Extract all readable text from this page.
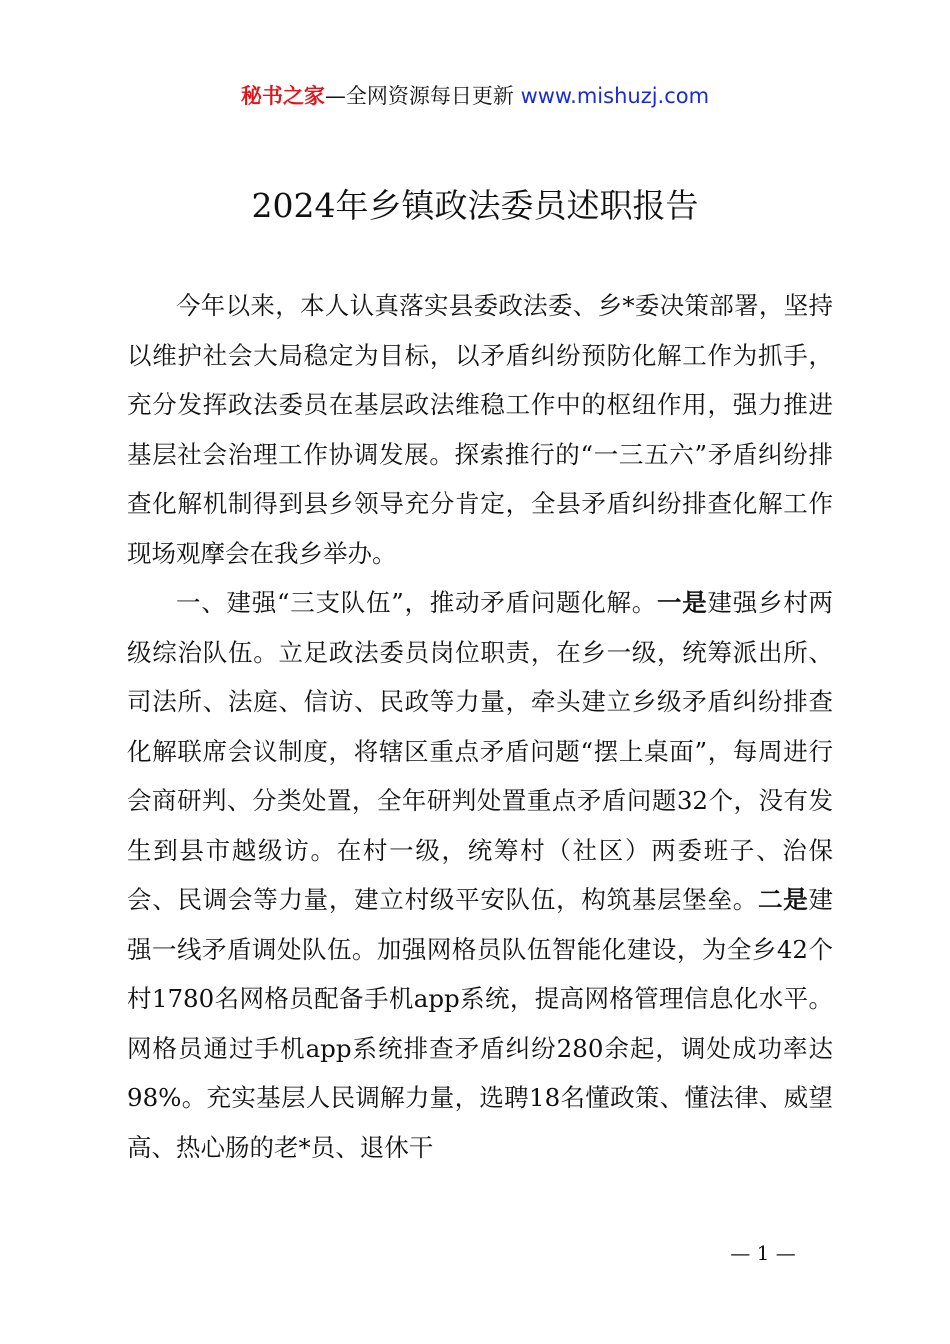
秘书之家—全网资源每日更新 www.mishuzj.com
2024年乡镇政法委员述职报告

今年以来，本人认真落实县委政法委、乡*委决策部署，坚持以维护社会大局稳定为目标，以矛盾纠纷预防化解工作为抓手，充分发挥政法委员在基层政法维稳工作中的枢纽作用，强力推进基层社会治理工作协调发展。探索推行的“一三五六”矛盾纠纷排查化解机制得到县乡领导充分肯定，全县矛盾纠纷排查化解工作现场观摩会在我乡举办。

一、建强“三支队伍”，推动矛盾问题化解。一是建强乡村两级综治队伍。立足政法委员岗位职责，在乡一级，统筹派出所、司法所、法庭、信访、民政等力量，牵头建立乡级矛盾纠纷排查化解联席会议制度，将辖区重点矛盾问题“摆上桌面”，每周进行会商研判、分类处置，全年研判处置重点矛盾问题32个，没有发生到县市越级访。在村一级，统筹村（社区）两委班子、治保会、民调会等力量，建立村级平安队伍，构筑基层堡垒。二是建强一线矛盾调处队伍。加强网格员队伍智能化建设，为全乡42个村1780名网格员配备手机app系统，提高网格管理信息化水平。网格员通过手机app系统排查矛盾纠纷280余起，调处成功率达98%。充实基层人民调解力量，选聘18名懂政策、懂法律、威望高、热心肠的老*员、退休干

— 1 —
